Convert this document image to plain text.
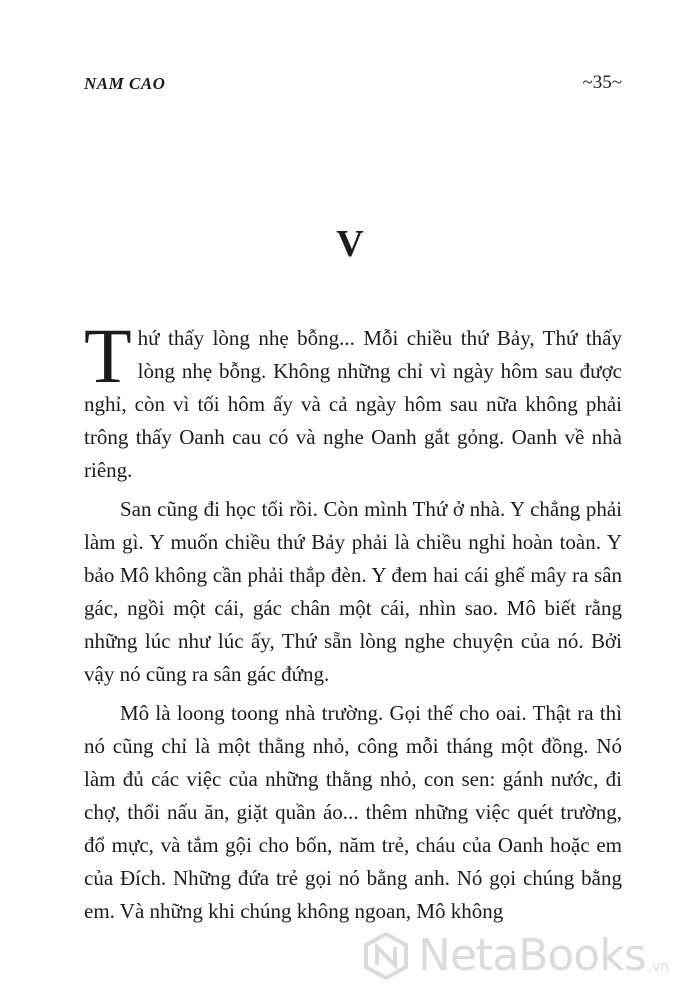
NAM CAO	~35~
V

Thứ thấy lòng nhẹ bỗng... Mỗi chiều thứ Bảy, Thứ thấy lòng nhẹ bỗng. Không những chỉ vì ngày hôm sau được nghỉ, còn vì tối hôm ấy và cả ngày hôm sau nữa không phải trông thấy Oanh cau có và nghe Oanh gắt gỏng. Oanh về nhà riêng.

San cũng đi học tối rồi. Còn mình Thứ ở nhà. Y chẳng phải làm gì. Y muốn chiều thứ Bảy phải là chiều nghỉ hoàn toàn. Y bảo Mô không cần phải thắp đèn. Y đem hai cái ghế mây ra sân gác, ngồi một cái, gác chân một cái, nhìn sao. Mô biết rằng những lúc như lúc ấy, Thứ sẵn lòng nghe chuyện của nó. Bởi vậy nó cũng ra sân gác đứng.

Mô là loong toong nhà trường. Gọi thế cho oai. Thật ra thì nó cũng chỉ là một thằng nhỏ, công mỗi tháng một đồng. Nó làm đủ các việc của những thằng nhỏ, con sen: gánh nước, đi chợ, thổi nấu ăn, giặt quần áo... thêm những việc quét trường, đổ mực, và tắm gội cho bốn, năm trẻ, cháu của Oanh hoặc em của Đích. Những đứa trẻ gọi nó bằng anh. Nó gọi chúng bằng em. Và những khi chúng không ngoan, Mô không

NetaBooks .vn
